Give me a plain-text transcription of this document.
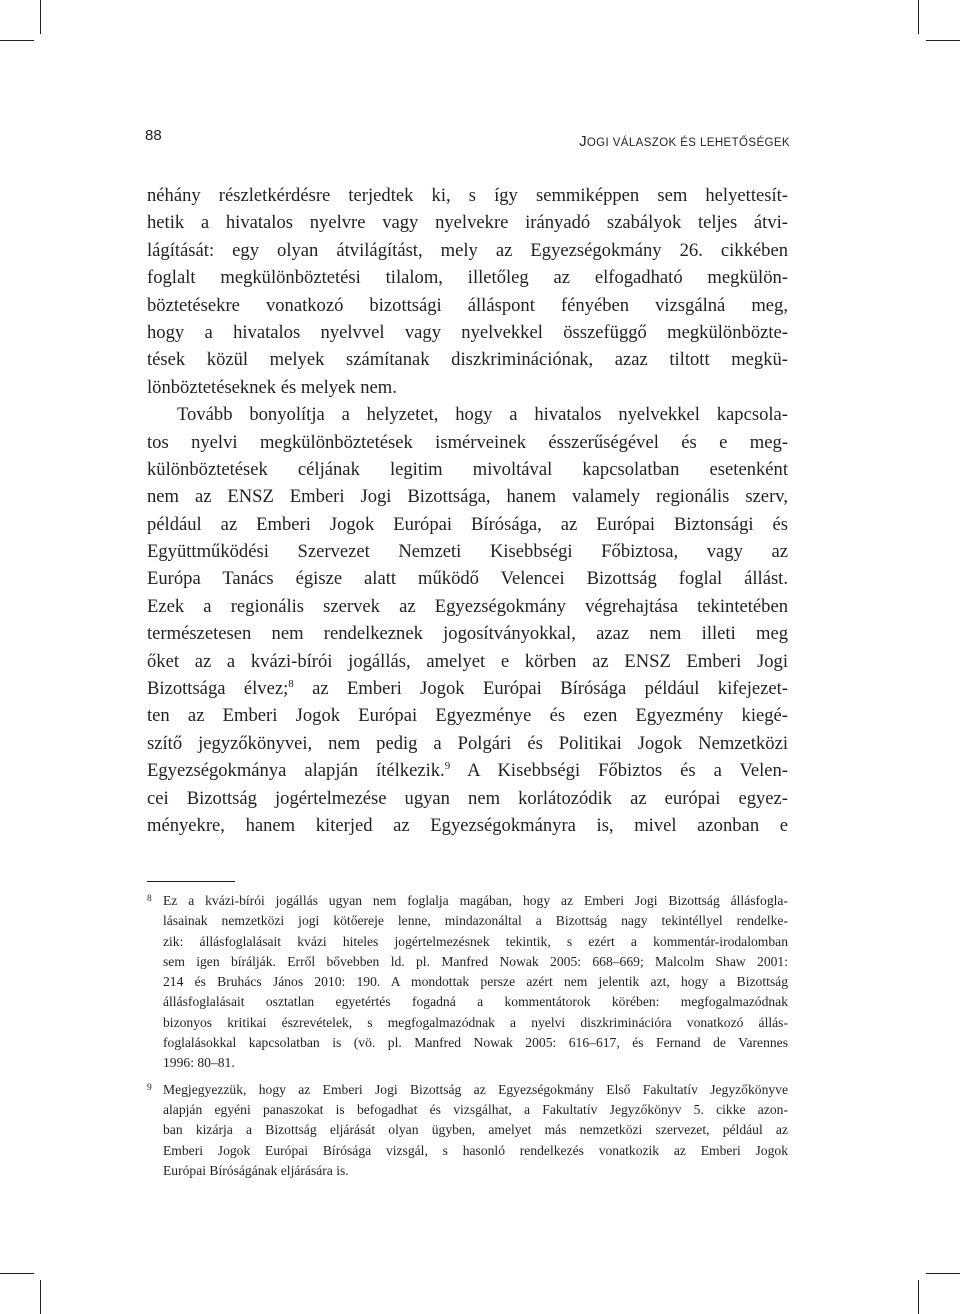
88	JOGI VÁLASZOK ÉS LEHETŐSÉGEK
néhány részletkérdésre terjedtek ki, s így semmiképpen sem helyettesít-
hetik a hivatalos nyelvre vagy nyelvekre irányadó szabályok teljes átvi-
lágítását: egy olyan átvilágítást, mely az Egyezségokmány 26. cikkében
foglalt megkülönböztetési tilalom, illetőleg az elfogadható megkülön-
böztetésekre vonatkozó bizottsági álláspont fényében vizsgálná meg,
hogy a hivatalos nyelvvel vagy nyelvekkel összefüggő megkülönbözte-
tések közül melyek számítanak diszkriminációnak, azaz tiltott megkü-
lönböztetéseknek és melyek nem.
Tovább bonyolítja a helyzetet, hogy a hivatalos nyelvekkel kapcsola-
tos nyelvi megkülönböztetések ismérveinek ésszerűségével és e meg-
különböztetések céljának legitim mivoltával kapcsolatban esetenként
nem az ENSZ Emberi Jogi Bizottsága, hanem valamely regionális szerv,
például az Emberi Jogok Európai Bírósága, az Európai Biztonsági és
Együttműködési Szervezet Nemzeti Kisebbségi Főbiztosa, vagy az
Európa Tanács égisze alatt működő Velencei Bizottság foglal állást.
Ezek a regionális szervek az Egyezségokmány végrehajtása tekintetében
természetesen nem rendelkeznek jogosítványokkal, azaz nem illeti meg
őket az a kvázi-bírói jogállás, amelyet e körben az ENSZ Emberi Jogi
Bizottsága élvez;$^8$ az Emberi Jogok Európai Bírósága például kifejezet-
ten az Emberi Jogok Európai Egyezménye és ezen Egyezmény kiegé-
szítő jegyzőkönyvei, nem pedig a Polgári és Politikai Jogok Nemzetközi
Egyezségokmánya alapján ítélkezik.$^9$ A Kisebbségi Főbiztos és a Velen-
cei Bizottság jogértelmezése ugyan nem korlátozódik az európai egyez-
ményekre, hanem kiterjed az Egyezségokmányra is, mivel azonban e
8 Ez a kvázi-bírói jogállás ugyan nem foglalja magában, hogy az Emberi Jogi Bizottság állásfogla-
lásainak nemzetközi jogi kötőereje lenne, mindazonáltal a Bizottság nagy tekintéllyel rendelke-
zik: állásfoglalásait kvázi hiteles jogértelmezésnek tekintik, s ezért a kommentár-irodalomban
sem igen bírálják. Erről bővebben ld. pl. Manfred Nowak 2005: 668–669; Malcolm Shaw 2001:
214 és Bruhács János 2010: 190. A mondottak persze azért nem jelentik azt, hogy a Bizottság
állásfoglalásait osztatlan egyetértés fogadná a kommentátorok körében: megfogalmazódnak
bizonyos kritikai észrevételek, s megfogalmazódnak a nyelvi diszkriminációra vonatkozó állás-
foglalásokkal kapcsolatban is (vö. pl. Manfred Nowak 2005: 616–617, és Fernand de Varennes
1996: 80–81.
9 Megjegyezzük, hogy az Emberi Jogi Bizottság az Egyezségokmány Első Fakultatív Jegyzőkönyve
alapján egyéni panaszokat is befogadhat és vizsgálhat, a Fakultatív Jegyzőkönyv 5. cikke azon-
ban kizárja a Bizottság eljárását olyan ügyben, amelyet más nemzetközi szervezet, például az
Emberi Jogok Európai Bírósága vizsgál, s hasonló rendelkezés vonatkozik az Emberi Jogok
Európai Bíróságának eljárására is.
